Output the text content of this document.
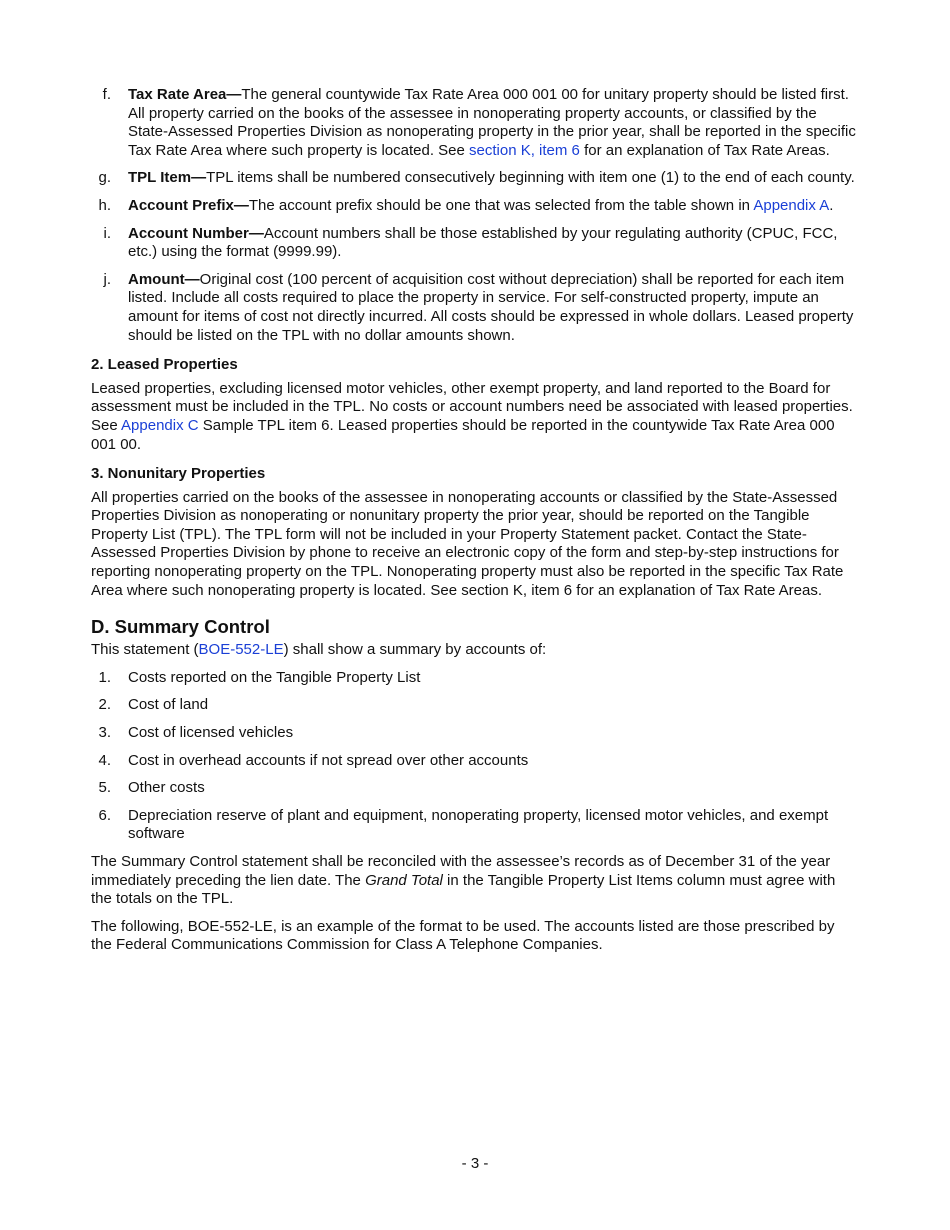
f. Tax Rate Area—The general countywide Tax Rate Area 000 001 00 for unitary property should be listed first. All property carried on the books of the assessee in nonoperating property accounts, or classified by the State-Assessed Properties Division as nonoperating property in the prior year, shall be reported in the specific Tax Rate Area where such property is located. See section K, item 6 for an explanation of Tax Rate Areas.
g. TPL Item—TPL items shall be numbered consecutively beginning with item one (1) to the end of each county.
h. Account Prefix—The account prefix should be one that was selected from the table shown in Appendix A.
i. Account Number—Account numbers shall be those established by your regulating authority (CPUC, FCC, etc.) using the format (9999.99).
j. Amount—Original cost (100 percent of acquisition cost without depreciation) shall be reported for each item listed. Include all costs required to place the property in service. For self-constructed property, impute an amount for items of cost not directly incurred. All costs should be expressed in whole dollars. Leased property should be listed on the TPL with no dollar amounts shown.
2. Leased Properties

Leased properties, excluding licensed motor vehicles, other exempt property, and land reported to the Board for assessment must be included in the TPL. No costs or account numbers need be associated with leased properties. See Appendix C Sample TPL item 6. Leased properties should be reported in the countywide Tax Rate Area 000 001 00.

3. Nonunitary Properties

All properties carried on the books of the assessee in nonoperating accounts or classified by the State-Assessed Properties Division as nonoperating or nonunitary property the prior year, should be reported on the Tangible Property List (TPL). The TPL form will not be included in your Property Statement packet. Contact the State-Assessed Properties Division by phone to receive an electronic copy of the form and step-by-step instructions for reporting nonoperating property on the TPL. Nonoperating property must also be reported in the specific Tax Rate Area where such nonoperating property is located. See section K, item 6 for an explanation of Tax Rate Areas.

D. Summary Control

This statement (BOE-552-LE) shall show a summary by accounts of:

1. Costs reported on the Tangible Property List
2. Cost of land
3. Cost of licensed vehicles
4. Cost in overhead accounts if not spread over other accounts
5. Other costs
6. Depreciation reserve of plant and equipment, nonoperating property, licensed motor vehicles, and exempt software

The Summary Control statement shall be reconciled with the assessee’s records as of December 31 of the year immediately preceding the lien date. The Grand Total in the Tangible Property List Items column must agree with the totals on the TPL.

The following, BOE-552-LE, is an example of the format to be used. The accounts listed are those prescribed by the Federal Communications Commission for Class A Telephone Companies.

- 3 -
